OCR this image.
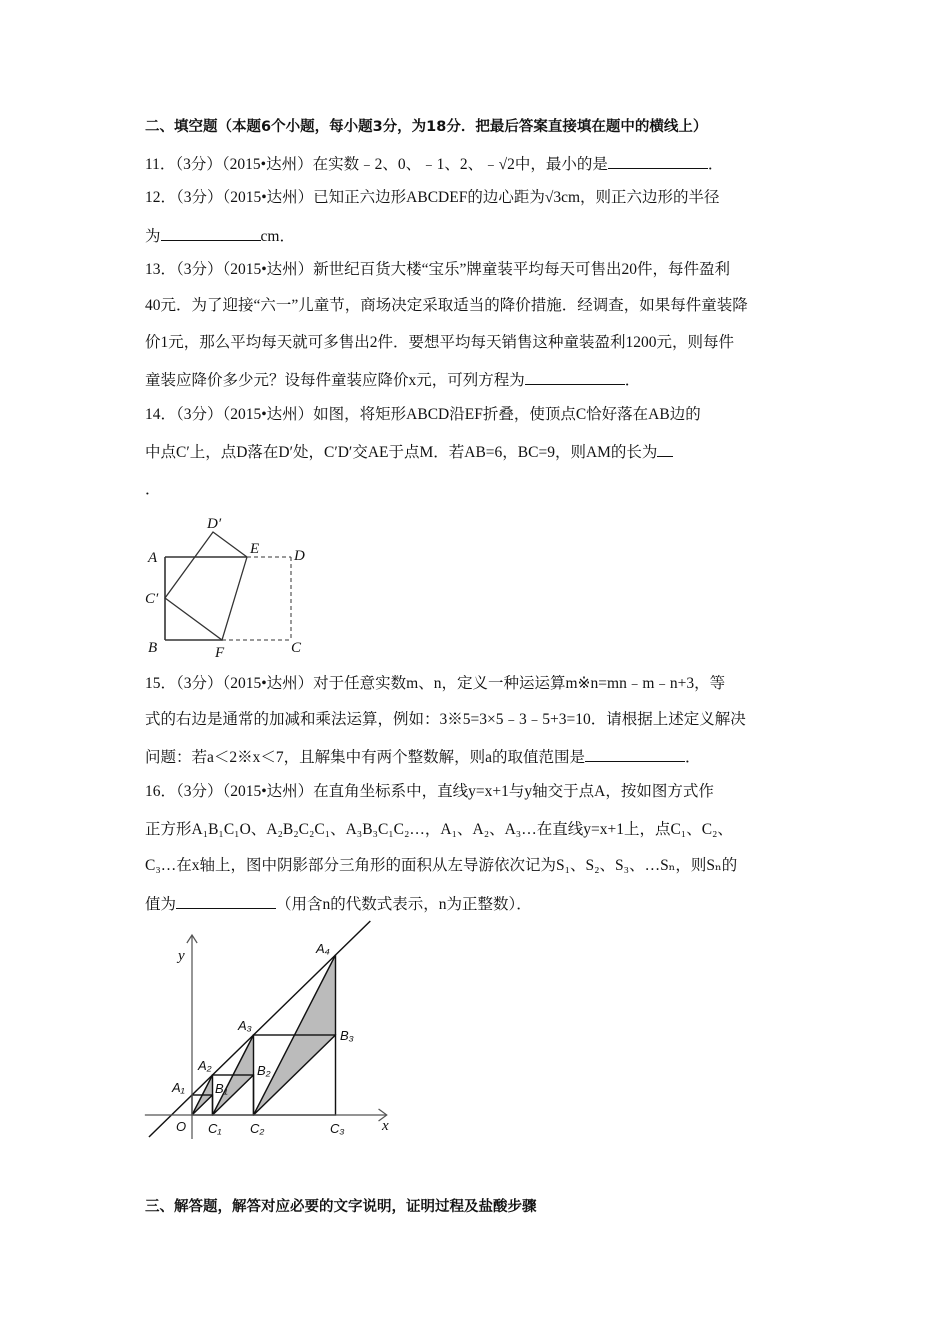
二、填空题（本题6个小题，每小题3分，为18分．把最后答案直接填在题中的横线上）
11．（3分）（2015•达州）在实数﹣2、0、﹣1、2、﹣√2中，最小的是	．
12．（3分）（2015•达州）已知正六边形ABCDEF的边心距为√3cm，则正六边形的半径
为	cm．
13．（3分）（2015•达州）新世纪百货大楼“宝乐”牌童装平均每天可售出20件，每件盈利
40元．为了迎接“六一”儿童节，商场决定采取适当的降价措施．经调查，如果每件童装降
价1元，那么平均每天就可多售出2件．要想平均每天销售这种童装盈利1200元，则每件
童装应降价多少元？设每件童装应降价x元，可列方程为	．
14．（3分）（2015•达州）如图，将矩形ABCD沿EF折叠，使顶点C恰好落在AB边的
中点C′上，点D落在D′处，C′D′交AE于点M．若AB=6，BC=9，则AM的长为
．
A
B	C
D
E
F
C′
D′
15．（3分）（2015•达州）对于任意实数m、n，定义一种运运算m※n=mn﹣m﹣n+3，等
式的右边是通常的加减和乘法运算，例如：3※5=3×5﹣3﹣5+3=10．请根据上述定义解决
问题：若a＜2※x＜7，且解集中有两个整数解，则a的取值范围是	．
16．（3分）（2015•达州）在直角坐标系中，直线y=x+1与y轴交于点A，按如图方式作
正方形A₁B₁C₁O、A₂B₂C₂C₁、A₃B₃C₁C₂…，A₁、A₂、A₃…在直线y=x+1上，点C₁、C₂、
C₃…在x轴上，图中阴影部分三角形的面积从左导游依次记为S₁、S₂、S₃、…Sₙ，则Sₙ的
值为	（用含n的代数式表示，n为正整数）．
y
x
O
A₁
A₂
A₃
A₄
B₁
B₂
B₃
C₁ C₂	C₃
三、解答题，解答对应必要的文字说明，证明过程及盐酸步骤
